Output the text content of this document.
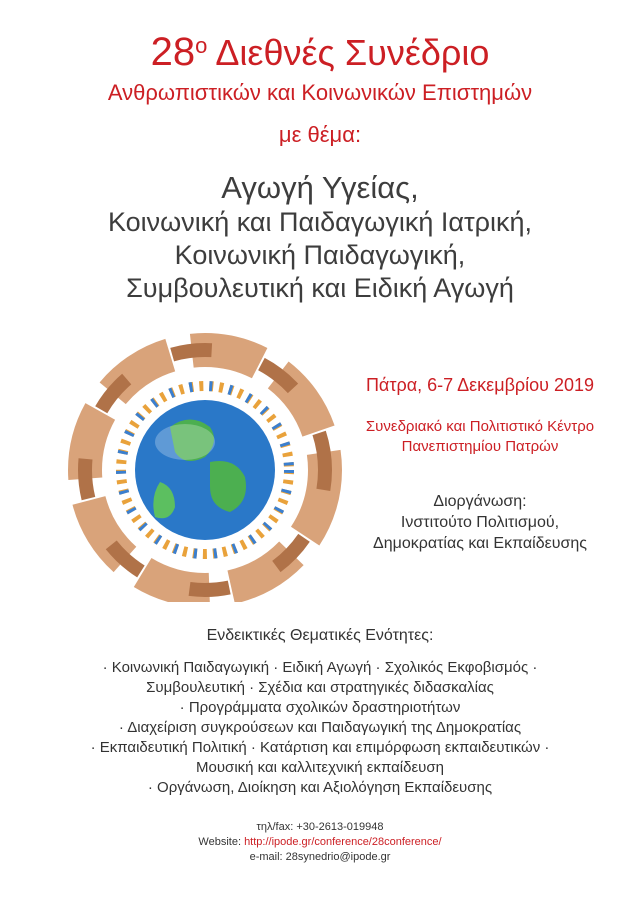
$28^o$ Διεθνές Συνέδριο
Ανθρωπιστικών και Κοινωνικών Επιστημών
με θέμα:
Αγωγή Υγείας,
Κοινωνική και Παιδαγωγική Ιατρική,
Κοινωνική Παιδαγωγική,
Συμβουλευτική και Ειδική Αγωγή
Πάτρα, 6-7 Δεκεμβρίου 2019
Συνεδριακό και Πολιτιστικό Κέντρο
Πανεπιστημίου Πατρών
Διοργάνωση:
Ινστιτούτο Πολιτισμού,
Δημοκρατίας και Εκπαίδευσης
Ενδεικτικές Θεματικές Ενότητες:
· Κοινωνική Παιδαγωγική · Ειδική Αγωγή · Σχολικός Εκφοβισμός ·
Συμβουλευτική · Σχέδια και στρατηγικές διδασκαλίας
· Προγράμματα σχολικών δραστηριοτήτων
· Διαχείριση συγκρούσεων και Παιδαγωγική της Δημοκρατίας
· Εκπαιδευτική Πολιτική · Κατάρτιση και επιμόρφωση εκπαιδευτικών ·
Μουσική και καλλιτεχνική εκπαίδευση
· Οργάνωση, Διοίκηση και Αξιολόγηση Εκπαίδευσης
τηλ/fax: +30-2613-019948
Website: http://ipode.gr/conference/28conference/
e-mail: 28synedrio@ipode.gr
